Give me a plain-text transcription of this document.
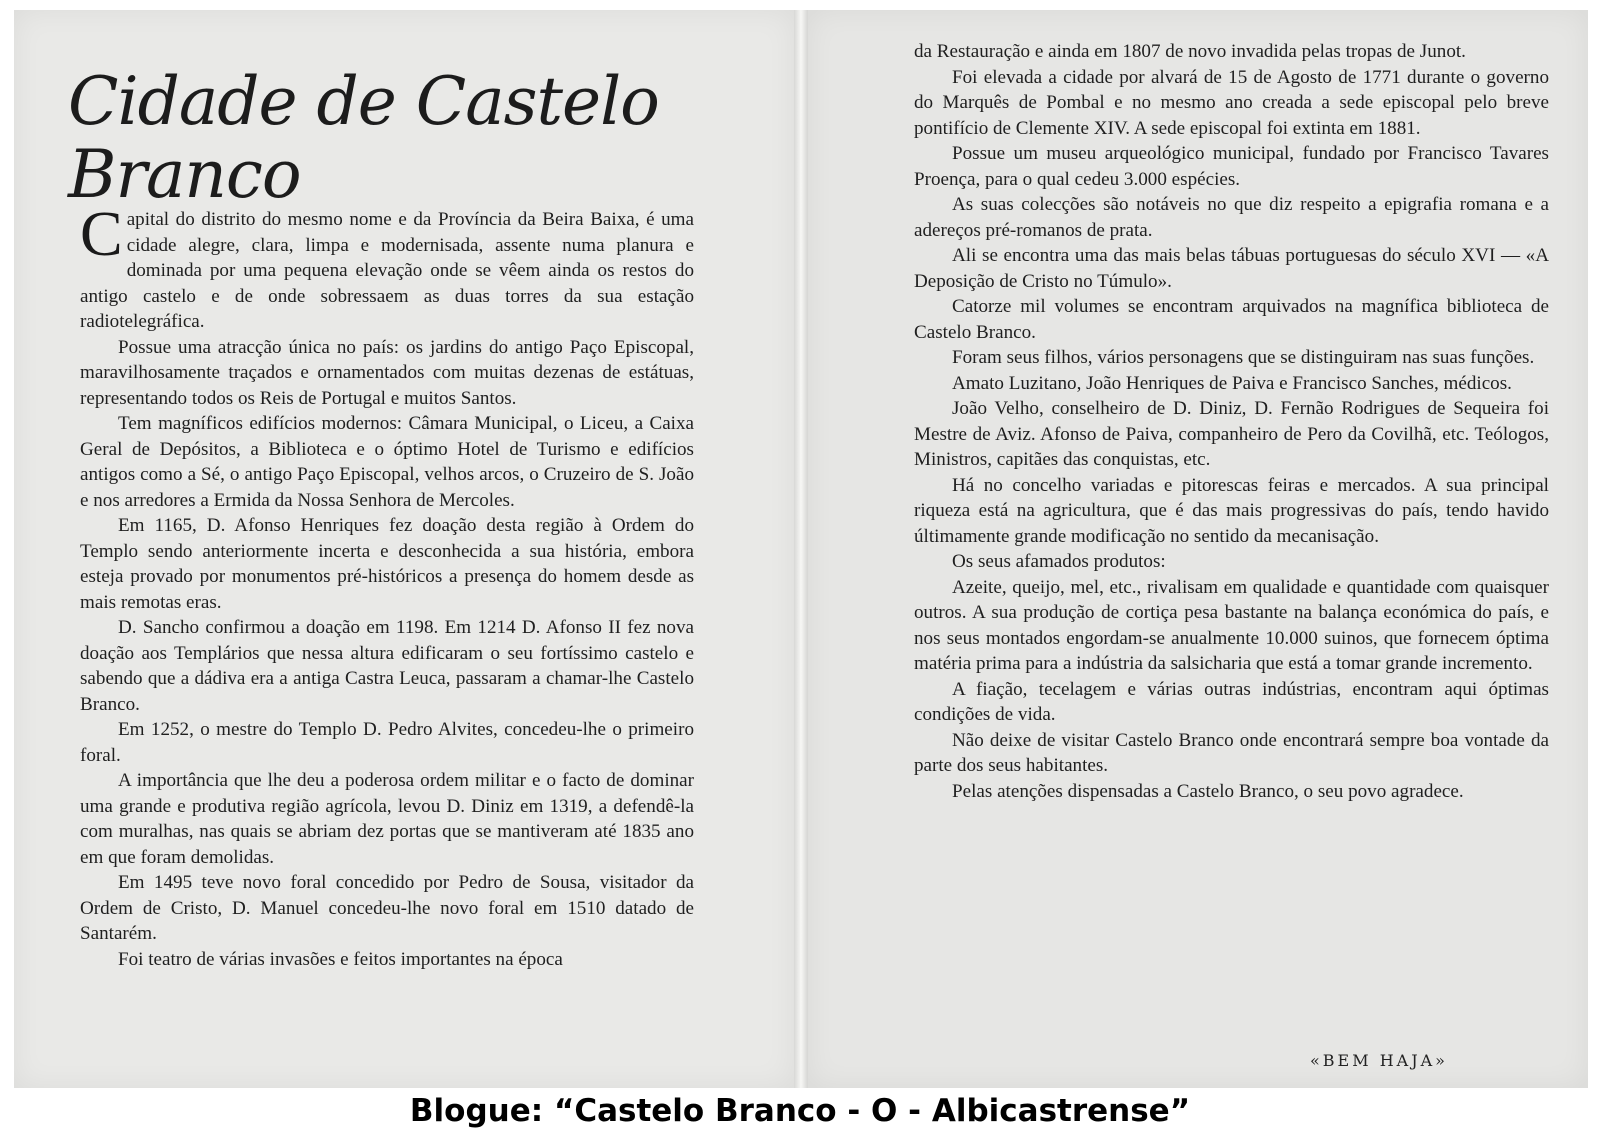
Cidade de Castelo Branco

Capital do distrito do mesmo nome e da Província da Beira Baixa, é uma cidade alegre, clara, limpa e modernisada, assente numa planura e dominada por uma pequena elevação onde se vêem ainda os restos do antigo castelo e de onde sobressaem as duas torres da sua estação radiotelegráfica.

Possue uma atracção única no país: os jardins do antigo Paço Episcopal, maravilhosamente traçados e ornamentados com muitas dezenas de estátuas, representando todos os Reis de Portugal e muitos Santos.

Tem magníficos edifícios modernos: Câmara Municipal, o Liceu, a Caixa Geral de Depósitos, a Biblioteca e o óptimo Hotel de Turismo e edifícios antigos como a Sé, o antigo Paço Episcopal, velhos arcos, o Cruzeiro de S. João e nos arredores a Ermida da Nossa Senhora de Mercoles.

Em 1165, D. Afonso Henriques fez doação desta região à Ordem do Templo sendo anteriormente incerta e desconhecida a sua história, embora esteja provado por monumentos pré-históricos a presença do homem desde as mais remotas eras.

D. Sancho confirmou a doação em 1198. Em 1214 D. Afonso II fez nova doação aos Templários que nessa altura edificaram o seu fortíssimo castelo e sabendo que a dádiva era a antiga Castra Leuca, passaram a chamar-lhe Castelo Branco.

Em 1252, o mestre do Templo D. Pedro Alvites, concedeu-lhe o primeiro foral.

A importância que lhe deu a poderosa ordem militar e o facto de dominar uma grande e produtiva região agrícola, levou D. Diniz em 1319, a defendê-la com muralhas, nas quais se abriam dez portas que se mantiveram até 1835 ano em que foram demolidas.

Em 1495 teve novo foral concedido por Pedro de Sousa, visitador da Ordem de Cristo, D. Manuel concedeu-lhe novo foral em 1510 datado de Santarém.

Foi teatro de várias invasões e feitos importantes na época

da Restauração e ainda em 1807 de novo invadida pelas tropas de Junot.

Foi elevada a cidade por alvará de 15 de Agosto de 1771 durante o governo do Marquês de Pombal e no mesmo ano creada a sede episcopal pelo breve pontifício de Clemente XIV. A sede episcopal foi extinta em 1881.

Possue um museu arqueológico municipal, fundado por Francisco Tavares Proença, para o qual cedeu 3.000 espécies.

As suas colecções são notáveis no que diz respeito a epigrafia romana e a adereços pré-romanos de prata.

Ali se encontra uma das mais belas tábuas portuguesas do século XVI — «A Deposição de Cristo no Túmulo».

Catorze mil volumes se encontram arquivados na magnífica biblioteca de Castelo Branco.

Foram seus filhos, vários personagens que se distinguiram nas suas funções.

Amato Luzitano, João Henriques de Paiva e Francisco Sanches, médicos.

João Velho, conselheiro de D. Diniz, D. Fernão Rodrigues de Sequeira foi Mestre de Aviz. Afonso de Paiva, companheiro de Pero da Covilhã, etc. Teólogos, Ministros, capitães das conquistas, etc.

Há no concelho variadas e pitorescas feiras e mercados. A sua principal riqueza está na agricultura, que é das mais progressivas do país, tendo havido últimamente grande modificação no sentido da mecanisação.

Os seus afamados produtos:

Azeite, queijo, mel, etc., rivalisam em qualidade e quantidade com quaisquer outros. A sua produção de cortiça pesa bastante na balança económica do país, e nos seus montados engordam-se anualmente 10.000 suinos, que fornecem óptima matéria prima para a indústria da salsicharia que está a tomar grande incremento.

A fiação, tecelagem e várias outras indústrias, encontram aqui óptimas condições de vida.

Não deixe de visitar Castelo Branco onde encontrará sempre boa vontade da parte dos seus habitantes.

Pelas atenções dispensadas a Castelo Branco, o seu povo agradece.

«BEM HAJA»
Blogue: “Castelo Branco - O - Albicastrense”
